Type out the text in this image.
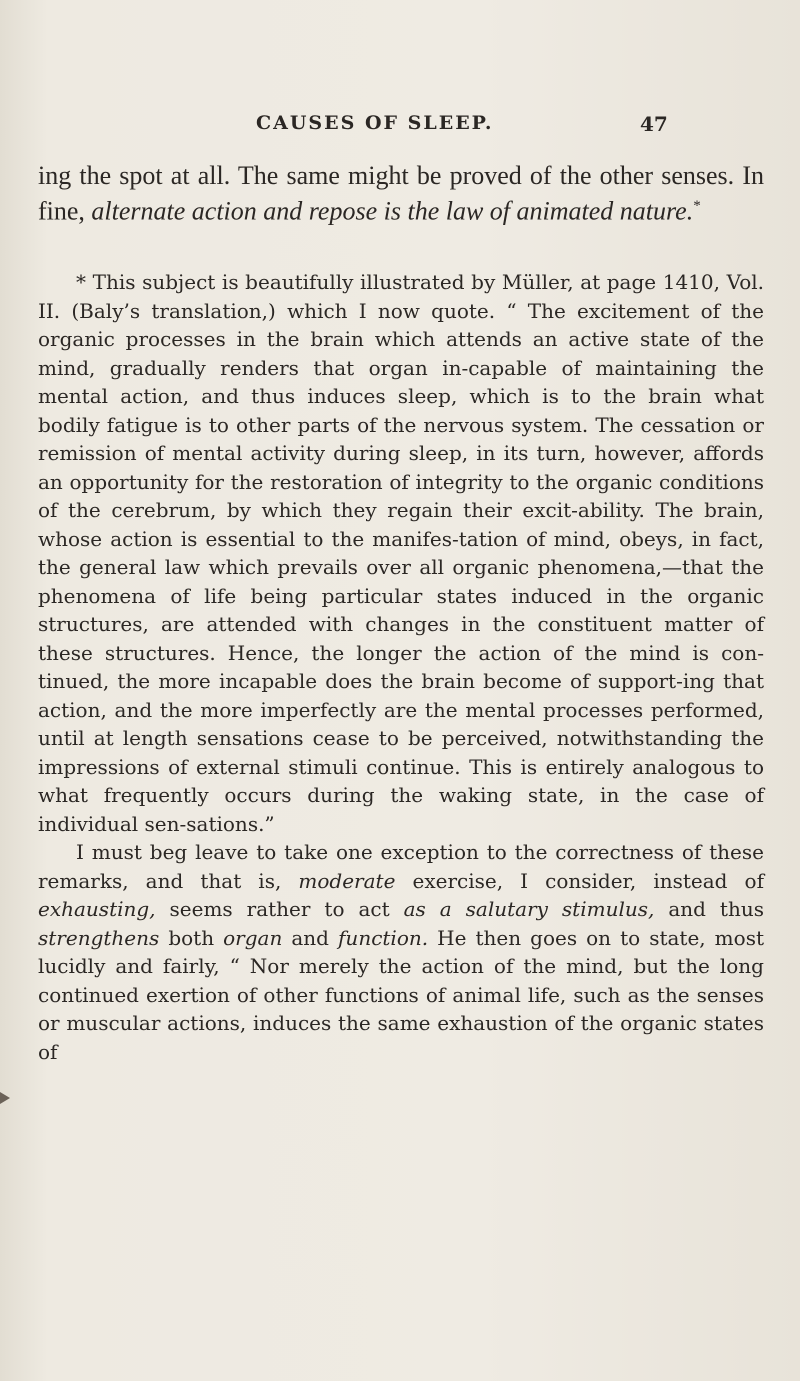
CAUSES OF SLEEP.	47

ing the spot at all. The same might be proved of the other senses. In fine, alternate action and repose is the law of animated nature.*

* This subject is beautifully illustrated by Müller, at page 1410, Vol. II. (Baly’s translation,) which I now quote. “ The excitement of the organic processes in the brain which attends an active state of the mind, gradually renders that organ in-capable of maintaining the mental action, and thus induces sleep, which is to the brain what bodily fatigue is to other parts of the nervous system. The cessation or remission of mental activity during sleep, in its turn, however, affords an opportunity for the restoration of integrity to the organic conditions of the cerebrum, by which they regain their excit-ability. The brain, whose action is essential to the manifes-tation of mind, obeys, in fact, the general law which prevails over all organic phenomena,—that the phenomena of life being particular states induced in the organic structures, are attended with changes in the constituent matter of these structures. Hence, the longer the action of the mind is con-tinued, the more incapable does the brain become of support-ing that action, and the more imperfectly are the mental processes performed, until at length sensations cease to be perceived, notwithstanding the impressions of external stimuli continue. This is entirely analogous to what frequently occurs during the waking state, in the case of individual sen-sations.”

I must beg leave to take one exception to the correctness of these remarks, and that is, moderate exercise, I consider, instead of exhausting, seems rather to act as a salutary stimulus, and thus strengthens both organ and function. He then goes on to state, most lucidly and fairly, “ Nor merely the action of the mind, but the long continued exertion of other functions of animal life, such as the senses or muscular actions, induces the same exhaustion of the organic states of
